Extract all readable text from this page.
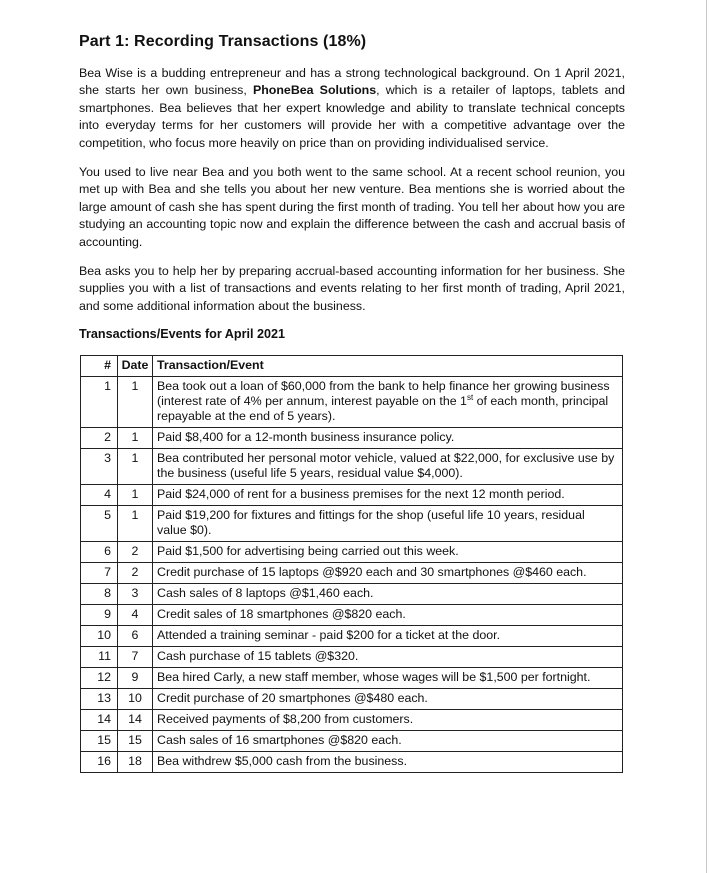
Part 1: Recording Transactions (18%)

Bea Wise is a budding entrepreneur and has a strong technological background. On 1 April 2021, she starts her own business, PhoneBea Solutions, which is a retailer of laptops, tablets and smartphones. Bea believes that her expert knowledge and ability to translate technical concepts into everyday terms for her customers will provide her with a competitive advantage over the competition, who focus more heavily on price than on providing individualised service.

You used to live near Bea and you both went to the same school. At a recent school reunion, you met up with Bea and she tells you about her new venture. Bea mentions she is worried about the large amount of cash she has spent during the first month of trading. You tell her about how you are studying an accounting topic now and explain the difference between the cash and accrual basis of accounting.

Bea asks you to help her by preparing accrual-based accounting information for her business. She supplies you with a list of transactions and events relating to her first month of trading, April 2021, and some additional information about the business.

Transactions/Events for April 2021
#	Date	Transaction/Event
1	1	Bea took out a loan of $60,000 from the bank to help finance her growing business (interest rate of 4% per annum, interest payable on the 1st of each month, principal repayable at the end of 5 years).
2	1	Paid $8,400 for a 12-month business insurance policy.
3	1	Bea contributed her personal motor vehicle, valued at $22,000, for exclusive use by the business (useful life 5 years, residual value $4,000).
4	1	Paid $24,000 of rent for a business premises for the next 12 month period.
5	1	Paid $19,200 for fixtures and fittings for the shop (useful life 10 years, residual value $0).
6	2	Paid $1,500 for advertising being carried out this week.
7	2	Credit purchase of 15 laptops @$920 each and 30 smartphones @$460 each.
8	3	Cash sales of 8 laptops @$1,460 each.
9	4	Credit sales of 18 smartphones @$820 each.
10	6	Attended a training seminar - paid $200 for a ticket at the door.
11	7	Cash purchase of 15 tablets @$320.
12	9	Bea hired Carly, a new staff member, whose wages will be $1,500 per fortnight.
13	10	Credit purchase of 20 smartphones @$480 each.
14	14	Received payments of $8,200 from customers.
15	15	Cash sales of 16 smartphones @$820 each.
16	18	Bea withdrew $5,000 cash from the business.
